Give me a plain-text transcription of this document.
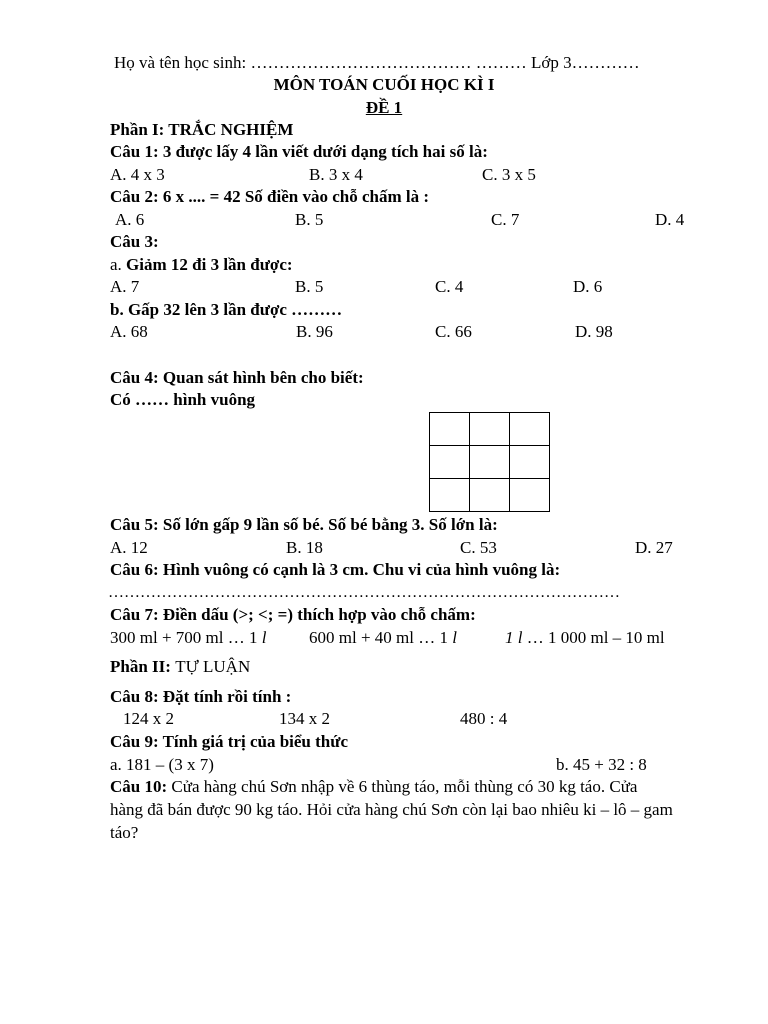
Họ và tên học sinh: ………………………………… ……… Lớp 3…………
MÔN TOÁN CUỐI HỌC KÌ I
ĐỀ 1
Phần I: TRẮC NGHIỆM
Câu 1: 3 được lấy 4 lần viết dưới dạng tích hai số là:
A. 4 x 3	B. 3 x 4	C. 3 x 5
Câu 2: 6 x .... = 42 Số điền vào chỗ chấm là :
A. 6	B. 5	C. 7	D. 4
Câu 3:
a. Giảm 12 đi 3 lần được:
A. 7	B. 5	C. 4	D. 6
b. Gấp 32 lên 3 lần được ………
A. 68	B. 96	C. 66	D. 98
Câu 4: Quan sát hình bên cho biết:
Có …… hình vuông
Câu 5: Số lớn gấp 9 lần số bé. Số bé bằng 3. Số lớn là:
A. 12	B. 18	C. 53	D. 27
Câu 6: Hình vuông có cạnh là 3 cm. Chu vi của hình vuông là:
……………………………………………………………………………………
Câu 7: Điền dấu (>; <; =) thích hợp vào chỗ chấm:
300 ml + 700 ml … 1 l	600 ml + 40 ml … 1 l	1 l … 1 000 ml – 10 ml
Phần II: TỰ LUẬN
Câu 8: Đặt tính rồi tính :
124 x 2	134 x 2	480 : 4
Câu 9: Tính giá trị của biểu thức
a. 181 – (3 x 7)	b. 45 + 32 : 8
Câu 10: Cửa hàng chú Sơn nhập về 6 thùng táo, mỗi thùng có 30 kg táo. Cửa
hàng đã bán được 90 kg táo. Hỏi cửa hàng chú Sơn còn lại bao nhiêu ki – lô – gam
táo?
